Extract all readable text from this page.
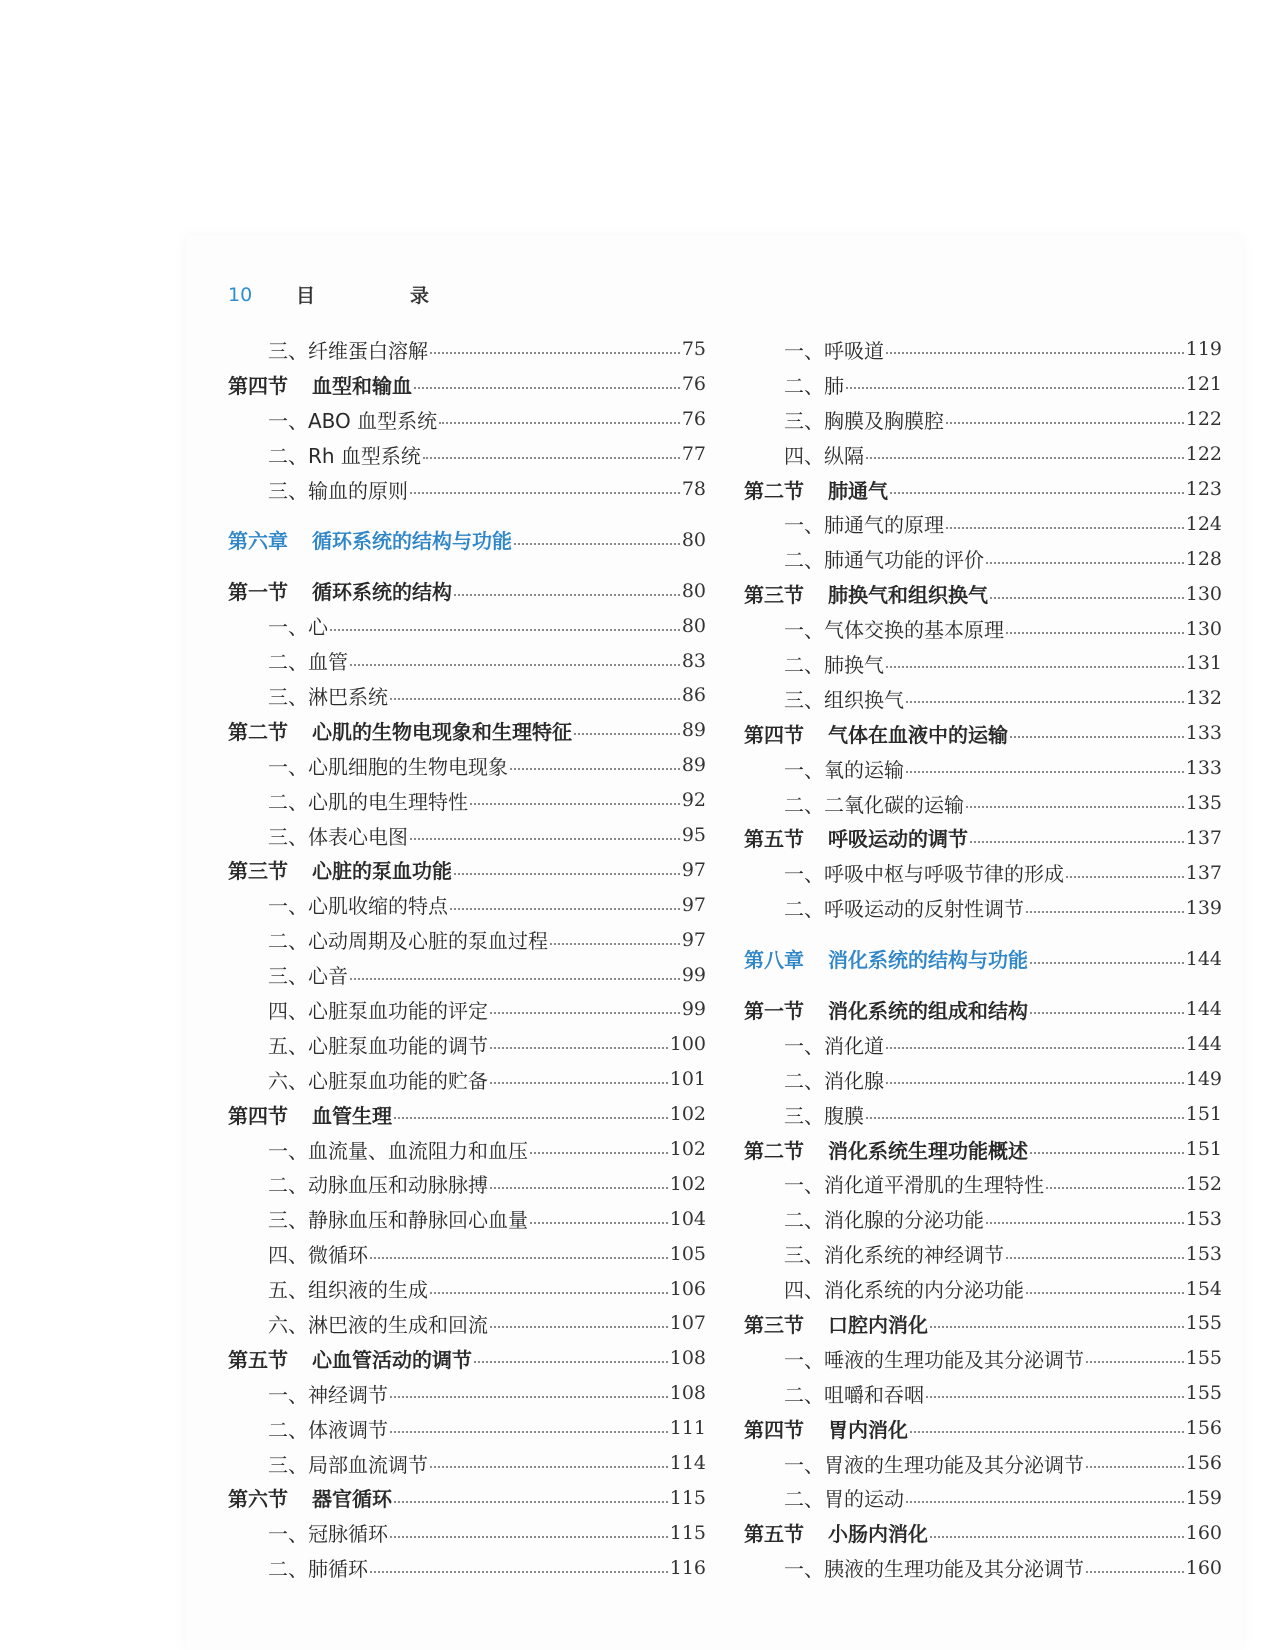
10	目　录
三、纤维蛋白溶解	75
第四节	血型和输血	76
一、ABO 血型系统	76
二、Rh 血型系统	77
三、输血的原则	78
第六章	循环系统的结构与功能	80
第一节	循环系统的结构	80
一、心	80
二、血管	83
三、淋巴系统	86
第二节	心肌的生物电现象和生理特征	89
一、心肌细胞的生物电现象	89
二、心肌的电生理特性	92
三、体表心电图	95
第三节	心脏的泵血功能	97
一、心肌收缩的特点	97
二、心动周期及心脏的泵血过程	97
三、心音	99
四、心脏泵血功能的评定	99
五、心脏泵血功能的调节	100
六、心脏泵血功能的贮备	101
第四节	血管生理	102
一、血流量、血流阻力和血压	102
二、动脉血压和动脉脉搏	102
三、静脉血压和静脉回心血量	104
四、微循环	105
五、组织液的生成	106
六、淋巴液的生成和回流	107
第五节	心血管活动的调节	108
一、神经调节	108
二、体液调节	111
三、局部血流调节	114
第六节	器官循环	115
一、冠脉循环	115
二、肺循环	116
一、呼吸道	119
二、肺	121
三、胸膜及胸膜腔	122
四、纵隔	122
第二节	肺通气	123
一、肺通气的原理	124
二、肺通气功能的评价	128
第三节	肺换气和组织换气	130
一、气体交换的基本原理	130
二、肺换气	131
三、组织换气	132
第四节	气体在血液中的运输	133
一、氧的运输	133
二、二氧化碳的运输	135
第五节	呼吸运动的调节	137
一、呼吸中枢与呼吸节律的形成	137
二、呼吸运动的反射性调节	139
第八章	消化系统的结构与功能	144
第一节	消化系统的组成和结构	144
一、消化道	144
二、消化腺	149
三、腹膜	151
第二节	消化系统生理功能概述	151
一、消化道平滑肌的生理特性	152
二、消化腺的分泌功能	153
三、消化系统的神经调节	153
四、消化系统的内分泌功能	154
第三节	口腔内消化	155
一、唾液的生理功能及其分泌调节	155
二、咀嚼和吞咽	155
第四节	胃内消化	156
一、胃液的生理功能及其分泌调节	156
二、胃的运动	159
第五节	小肠内消化	160
一、胰液的生理功能及其分泌调节	160
